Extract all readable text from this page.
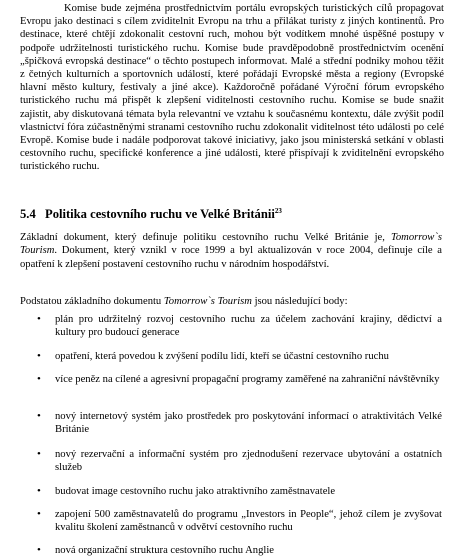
Komise bude zejména prostřednictvím portálu evropských turistických cílů propagovat Evropu jako destinaci s cílem zviditelnit Evropu na trhu a přilákat turisty z jiných kontinentů. Pro destinace, které chtějí zdokonalit cestovní ruch, mohou být vodítkem mnohé úspěšné postupy v podpoře udržitelnosti turistického ruchu. Komise bude pravděpodobně prostřednictvím ocenění „špičková evropská destinace“ o těchto postupech informovat. Malé a střední podniky mohou těžit z četných kulturních a sportovních událostí, které pořádají Evropské města a regiony (Evropské hlavní město kultury, festivaly a jiné akce). Každoročně pořádané Výroční fórum evropského turistického ruchu má přispět k zlepšení viditelnosti cestovního ruchu. Komise se bude snažit zajistit, aby diskutovaná témata byla relevantní ve vztahu k současnému kontextu, dále zvýšit podíl vlastnictví fóra zúčastněnými stranami cestovního ruchu zdokonalit viditelnost této události po celé Evropě. Komise bude i nadále podporovat takové iniciativy, jako jsou ministerská setkání v oblasti cestovního ruchu, specifické konference a jiné události, které přispívají k zviditelnění evropského turistického ruchu.

5.4 Politika cestovního ruchu ve Velké Británii$^{23}$

Základní dokument, který definuje politiku cestovního ruchu Velké Británie je, Tomorrow`s Tourism. Dokument, který vznikl v roce 1999 a byl aktualizován v roce 2004, definuje cíle a opatření k zlepšení postavení cestovního ruchu v národním hospodářství.

Podstatou základního dokumentu Tomorrow`s Tourism jsou následující body:

• plán pro udržitelný rozvoj cestovního ruchu za účelem zachování krajiny, dědictví a kultury pro budoucí generace
• opatření, která povedou k zvýšení podílu lidí, kteří se účastní cestovního ruchu
• více peněz na cílené a agresivní propagační programy zaměřené na zahraniční návštěvníky
• nový internetový systém jako prostředek pro poskytování informací o atraktivitách Velké Británie
• nový rezervační a informační systém pro zjednodušení rezervace ubytování a ostatních služeb
• budovat image cestovního ruchu jako atraktivního zaměstnavatele
• zapojení 500 zaměstnavatelů do programu „Investors in People“, jehož cílem je zvyšovat kvalitu školení zaměstnanců v odvětví cestovního ruchu
• nová organizační struktura cestovního ruchu Anglie
